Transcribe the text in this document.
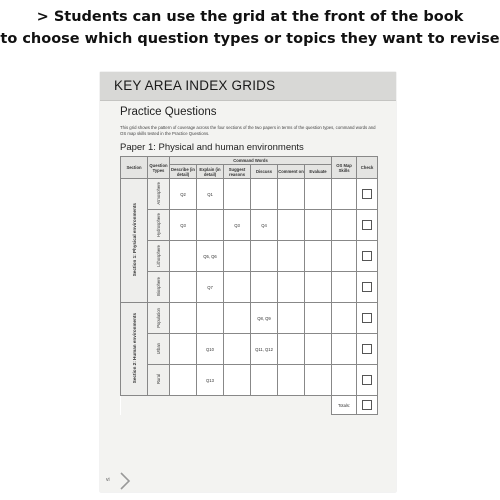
> Students can use the grid at the front of the book
to choose which question types or topics they want to revise
KEY AREA INDEX GRIDS
Practice Questions
This grid shows the pattern of coverage across the four sections of the two papers in terms of the question types, command words and OS map skills tested in the Practice Questions.
Paper 1: Physical and human environments
Section	Question Types	Command Words						OS Map Skills	Check
		Describe (in detail)	Explain (in detail)	Suggest reasons	Discuss	Comment on	Evaluate		
Section 1: Physical environments	Atmosphere	Q2	Q1						
	Hydrosphere	Q3		Q3	Q4				
	Lithosphere		Q5, Q6						
	Biosphere		Q7						
Section 2: Human environments	Population				Q8, Q9				
	Urban		Q10		Q11, Q12				
	Rural		Q13						
								Totals:	
vi
